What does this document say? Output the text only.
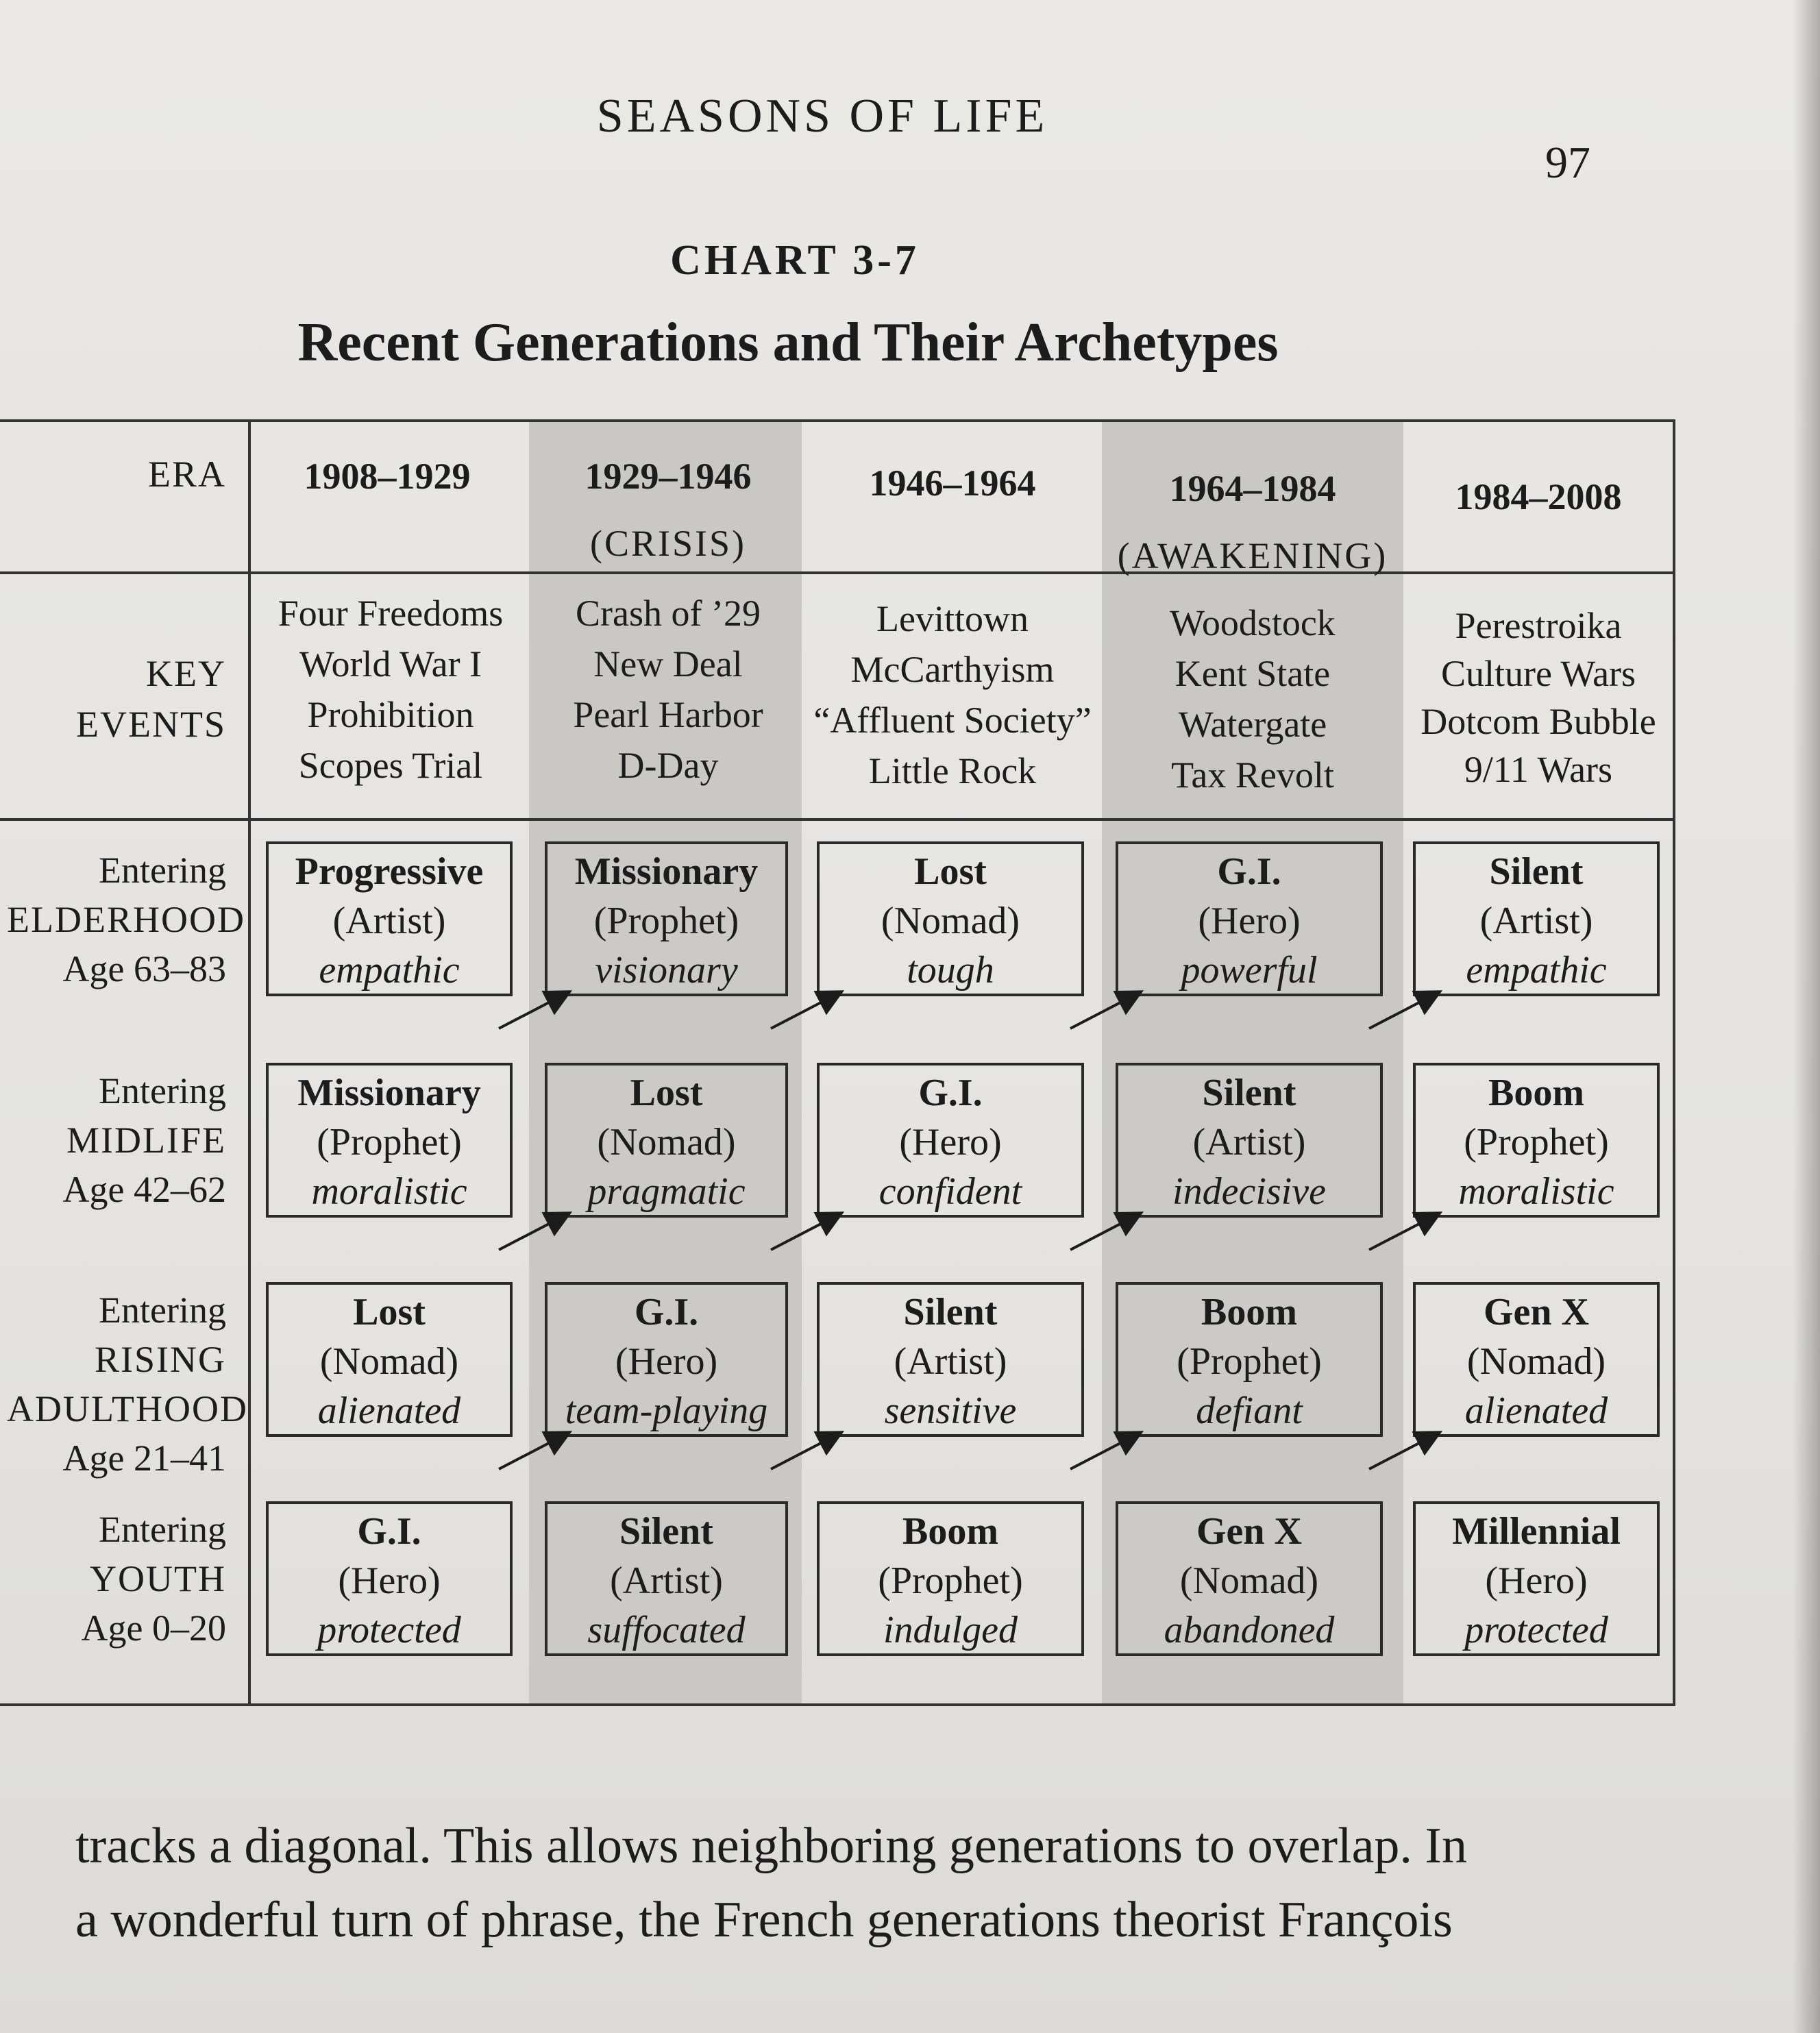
SEASONS OF LIFE
97
CHART 3-7
Recent Generations and Their Archetypes
ERA
KEY
EVENTS
1908–1929	1929–1946
(CRISIS)
1946–1964	1964–1984
(AWAKENING)
1984–2008
Four Freedoms
World War I
Prohibition
Scopes Trial
Crash of ’29
New Deal
Pearl Harbor
D-Day
Levittown
McCarthyism
“Affluent Society”
Little Rock
Woodstock
Kent State
Watergate
Tax Revolt
Perestroika
Culture Wars
Dotcom Bubble
9/11 Wars
Entering
ELDERHOOD
Age 63–83
Entering
MIDLIFE
Age 42–62
Entering RISING
ADULTHOOD
Age 21–41
Entering
YOUTH
Age 0–20
Progressive
(Artist)
empathic
Missionary
(Prophet)
visionary
Lost
(Nomad)
tough
G.I.
(Hero)
powerful
Silent
(Artist)
empathic
Missionary
(Prophet)
moralistic
Lost
(Nomad)
pragmatic
G.I.
(Hero)
confident
Silent
(Artist)
indecisive
Boom
(Prophet)
moralistic
Lost
(Nomad)
alienated
G.I.
(Hero)
team-playing
Silent
(Artist)
sensitive
Boom
(Prophet)
defiant
Gen X
(Nomad)
alienated
G.I.
(Hero)
protected
Silent
(Artist)
suffocated
Boom
(Prophet)
indulged
Gen X
(Nomad)
abandoned
Millennial
(Hero)
protected
tracks a diagonal. This allows neighboring generations to overlap. In
a wonderful turn of phrase, the French generations theorist François
